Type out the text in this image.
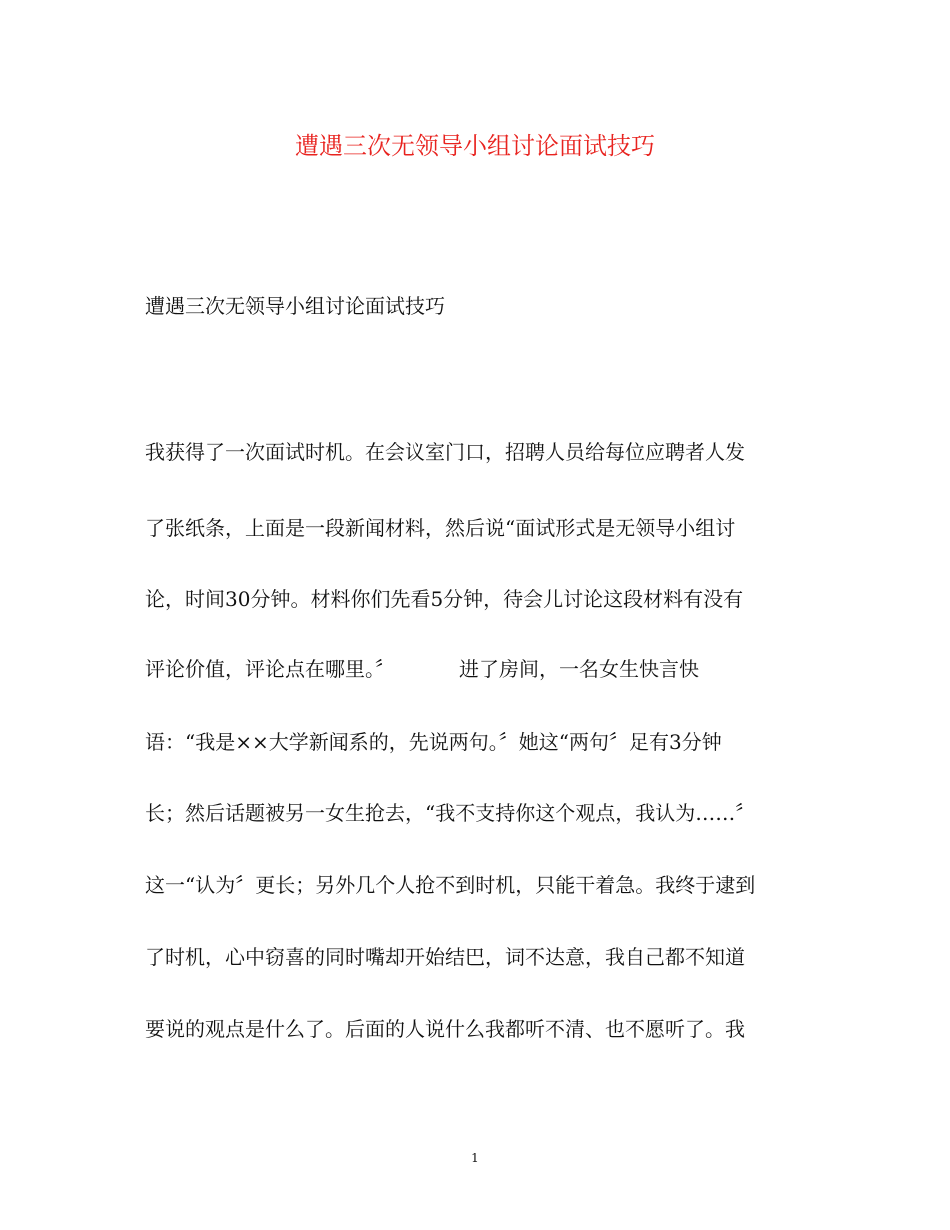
遭遇三次无领导小组讨论面试技巧

遭遇三次无领导小组讨论面试技巧

我获得了一次面试时机。在会议室门口，招聘人员给每位应聘者人发

了张纸条，上面是一段新闻材料，然后说“面试形式是无领导小组讨

论，时间30分钟。材料你们先看5分钟，待会儿讨论这段材料有没有

评论价值，评论点在哪里。〞	进了房间，一名女生快言快

语：“我是××大学新闻系的，先说两句。〞她这“两句〞足有3分钟

长；然后话题被另一女生抢去，“我不支持你这个观点，我认为……〞

这一“认为〞更长；另外几个人抢不到时机，只能干着急。我终于逮到

了时机，心中窃喜的同时嘴却开始结巴，词不达意，我自己都不知道

要说的观点是什么了。后面的人说什么我都听不清、也不愿听了。我

1
